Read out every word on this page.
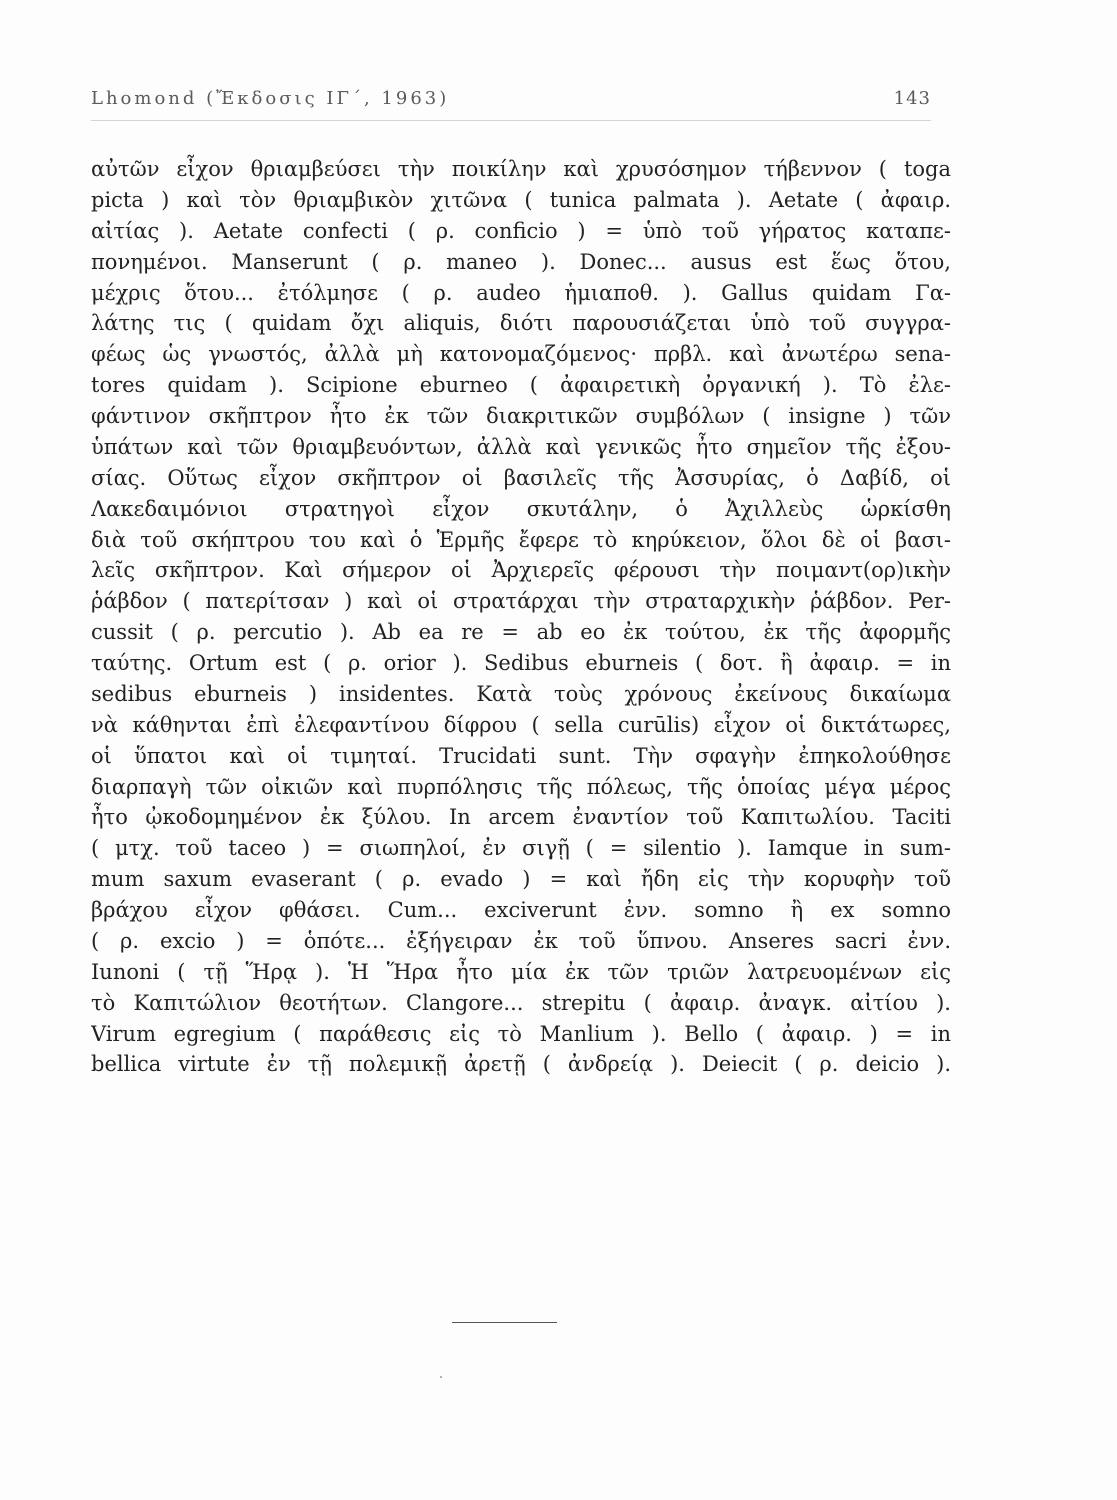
Lhomond (Ἔκδοσις ΙΓ΄, 1963)	143
αὐτῶν εἶχον θριαμβεύσει τὴν ποικίλην καὶ χρυσόσημον τήβεννον ( toga
picta ) καὶ τὸν θριαμβικὸν χιτῶνα ( tunica palmata ). Aetate ( ἀφαιρ.
αἰτίας ). Aetate confecti ( ρ. conficio ) = ὑπὸ τοῦ γήρατος καταπε-
πονημένοι. Manserunt ( ρ. maneo ). Donec... ausus est ἕως ὅτου,
μέχρις ὅτου... ἐτόλμησε ( ρ. audeo ἡμιαποθ. ). Gallus quidam Γα-
λάτης τις ( quidam ὄχι aliquis, διότι παρουσιάζεται ὑπὸ τοῦ συγγρα-
φέως ὡς γνωστός, ἀλλὰ μὴ κατονομαζόμενος· πρβλ. καὶ ἀνωτέρω sena-
tores quidam ). Scipione eburneo ( ἀφαιρετικὴ ὀργανική ). Τὸ ἐλε-
φάντινον σκῆπτρον ἦτο ἐκ τῶν διακριτικῶν συμβόλων ( insigne ) τῶν
ὑπάτων καὶ τῶν θριαμβευόντων, ἀλλὰ καὶ γενικῶς ἦτο σημεῖον τῆς ἐξου-
σίας. Οὕτως εἶχον σκῆπτρον οἱ βασιλεῖς τῆς Ἀσσυρίας, ὁ Δαβίδ, οἱ
Λακεδαιμόνιοι στρατηγοὶ εἶχον σκυτάλην, ὁ Ἀχιλλεὺς ὡρκίσθη
διὰ τοῦ σκήπτρου του καὶ ὁ Ἑρμῆς ἔφερε τὸ κηρύκειον, ὅλοι δὲ οἱ βασι-
λεῖς σκῆπτρον. Καὶ σήμερον οἱ Ἀρχιερεῖς φέρουσι τὴν ποιμαντ(ορ)ικὴν
ῥάβδον ( πατερίτσαν ) καὶ οἱ στρατάρχαι τὴν στραταρχικὴν ῥάβδον. Per-
cussit ( ρ. percutio ). Ab ea re = ab eo ἐκ τούτου, ἐκ τῆς ἀφορμῆς
ταύτης. Ortum est ( ρ. orior ). Sedibus eburneis ( δοτ. ἢ ἀφαιρ. = in
sedibus eburneis ) insidentes. Κατὰ τοὺς χρόνους ἐκείνους δικαίωμα
νὰ κάθηνται ἐπὶ ἐλεφαντίνου δίφρου ( sella curūlis) εἶχον οἱ δικτάτωρες,
οἱ ὕπατοι καὶ οἱ τιμηταί. Trucidati sunt. Τὴν σφαγὴν ἐπηκολούθησε
διαρπαγὴ τῶν οἰκιῶν καὶ πυρπόλησις τῆς πόλεως, τῆς ὁποίας μέγα μέρος
ἦτο ᾠκοδομημένον ἐκ ξύλου. In arcem ἐναντίον τοῦ Καπιτωλίου. Taciti
( μτχ. τοῦ taceo ) = σιωπηλοί, ἐν σιγῇ ( = silentio ). Iamque in sum-
mum saxum evaserant ( ρ. evado ) = καὶ ἤδη εἰς τὴν κορυφὴν τοῦ
βράχου εἶχον φθάσει. Cum... exciverunt ἐνν. somno ἢ ex somno
( ρ. excio ) = ὁπότε... ἐξήγειραν ἐκ τοῦ ὕπνου. Anseres sacri ἐνν.
Iunoni ( τῇ Ἥρᾳ ). Ἡ Ἥρα ἦτο μία ἐκ τῶν τριῶν λατρευομένων εἰς
τὸ Καπιτώλιον θεοτήτων. Clangore... strepitu ( ἀφαιρ. ἀναγκ. αἰτίου ).
Virum egregium ( παράθεσις εἰς τὸ Manlium ). Bello ( ἀφαιρ. ) = in
bellica virtute ἐν τῇ πολεμικῇ ἀρετῇ ( ἀνδρείᾳ ). Deiecit ( ρ. deicio ).
